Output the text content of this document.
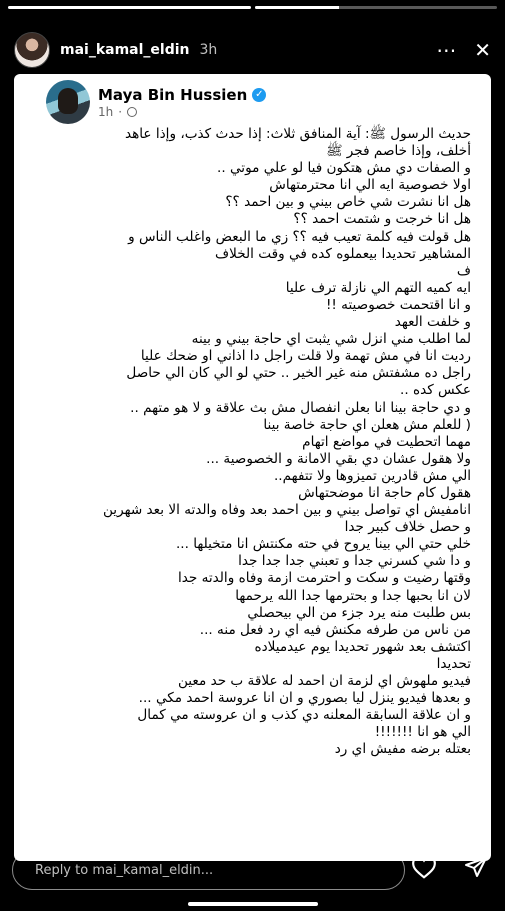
mai_kamal_eldin 3h	⋯ ✕
Maya Bin Hussien ✓
1h ·
حديث الرسول ﷺ: آية المنافق ثلاث: إذا حدث كذب، وإذا عاهد
أخلف، وإذا خاصم فجر ﷺ
و الصفات دي مش هتكون فيا لو علي موتي ..
اولا خصوصية ايه الي انا محترمتهاش
هل انا نشرت شي خاص بيني و بين احمد ؟؟
هل انا خرجت و شتمت احمد ؟؟
هل قولت فيه كلمة تعيب فيه ؟؟ زي ما البعض واغلب الناس و
المشاهير تحديدا بيعملوه كده في وقت الخلاف
ف
ايه كميه التهم الي نازلة ترف عليا
و انا اقتحمت خصوصيته !!
و خلفت العهد
لما اطلب مني انزل شي يثبت اي حاجة بيني و بينه
رديت انا في مش تهمة ولا قلت راجل دا اذاني او ضحك عليا
راجل ده مشفتش منه غير الخير .. حتي لو الي كان الي حاصل
عكس كده ..
و دي حاجة بينا انا بعلن انفصال مش بث علاقة و لا هو متهم ..
( للعلم مش هعلن اي حاجة خاصة بينا
مهما اتحطيت في مواضع اتهام
ولا هقول عشان دي بقي الامانة و الخصوصية ...
الي مش قادرين تميزوها ولا تتفهم..
هقول كام حاجة انا موضحتهاش
انامفيش اي تواصل بيني و بين احمد بعد وفاه والدته الا بعد شهرين
و حصل خلاف كبير جدا
خلي حتي الي بينا يروح في حته مكنتش انا متخيلها ...
و دا شي كسرني جدا و تعبني جدا جدا جدا
وقتها رضيت و سكت و احترمت ازمة وفاه والدته جدا
لان انا بحبها جدا و بحترمها جدا الله يرحمها
بس طلبت منه يرد جزء من الي بيحصلي
من ناس من طرفه مكنش فيه اي رد فعل منه ...
اكتشف بعد شهور تحديدا يوم عيدميلاده
تحديدا
فيديو ملهوش اي لزمة ان احمد له علاقة ب حد معين
و بعدها فيديو ينزل ليا بصوري و ان انا عروسة احمد مكي ...
و ان علاقة السابقة المعلنه دي كذب و ان عروسته مي كمال
الي هو انا !!!!!!!
بعتله برضه مفيش اي رد
Reply to mai_kamal_eldin...
